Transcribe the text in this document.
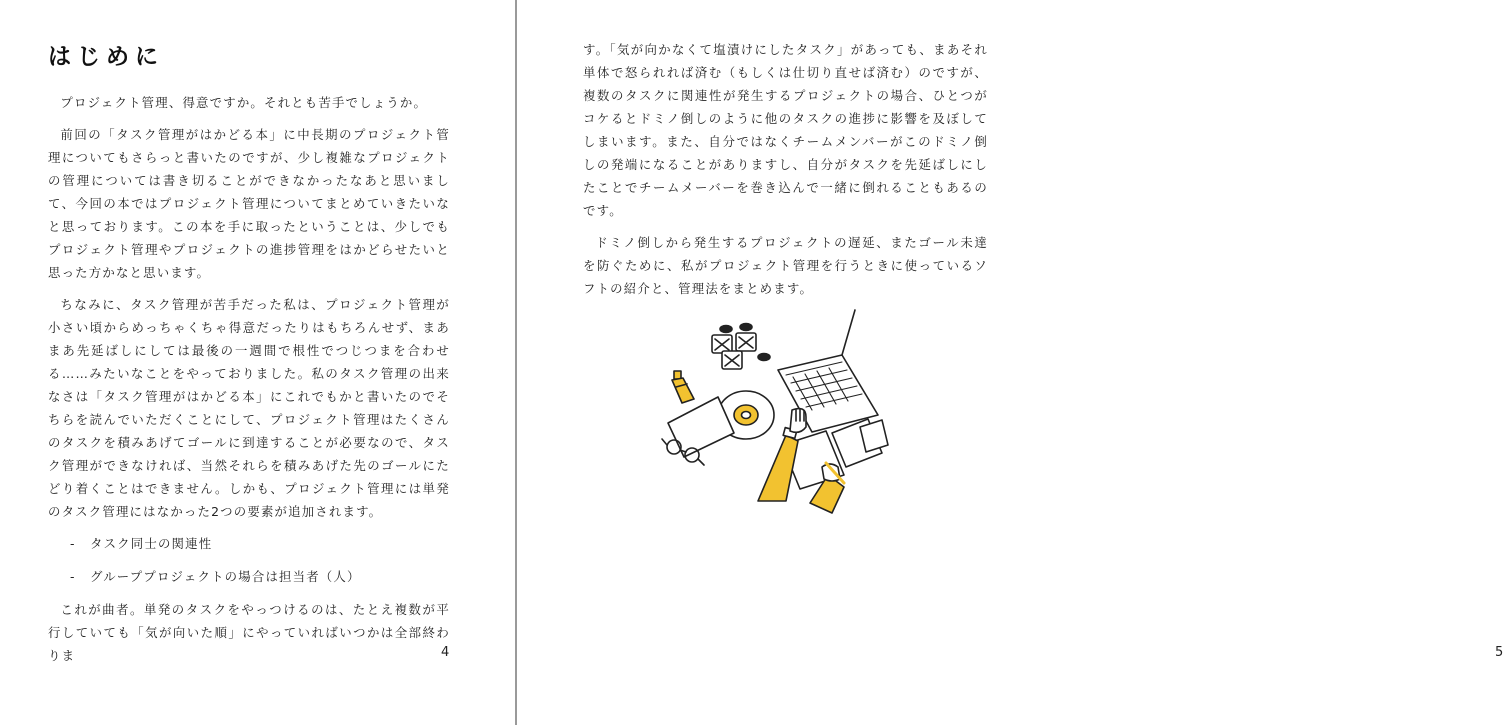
はじめに

プロジェクト管理、得意ですか。それとも苦手でしょうか。

前回の「タスク管理がはかどる本」に中長期のプロジェクト管理についてもさらっと書いたのですが、少し複雑なプロジェクトの管理については書き切ることができなかったなあと思いまして、今回の本ではプロジェクト管理についてまとめていきたいなと思っております。この本を手に取ったということは、少しでもプロジェクト管理やプロジェクトの進捗管理をはかどらせたいと思った方かなと思います。

ちなみに、タスク管理が苦手だった私は、プロジェクト管理が小さい頃からめっちゃくちゃ得意だったりはもちろんせず、まあまあ先延ばしにしては最後の一週間で根性でつじつまを合わせる……みたいなことをやっておりました。私のタスク管理の出来なさは「タスク管理がはかどる本」にこれでもかと書いたのでそちらを読んでいただくことにして、プロジェクト管理はたくさんのタスクを積みあげてゴールに到達することが必要なので、タスク管理ができなければ、当然それらを積みあげた先のゴールにたどり着くことはできません。しかも、プロジェクト管理には単発のタスク管理にはなかった2つの要素が追加されます。

- タスク同士の関連性
- グループプロジェクトの場合は担当者（人）

これが曲者。単発のタスクをやっつけるのは、たとえ複数が平行していても「気が向いた順」にやっていればいつかは全部終わりま	4	5

す。「気が向かなくて塩漬けにしたタスク」があっても、まあそれ単体で怒られれば済む（もしくは仕切り直せば済む）のですが、複数のタスクに関連性が発生するプロジェクトの場合、ひとつがコケるとドミノ倒しのように他のタスクの進捗に影響を及ぼしてしまいます。また、自分ではなくチームメンバーがこのドミノ倒しの発端になることがありますし、自分がタスクを先延ばしにしたことでチームメーバーを巻き込んで一緒に倒れることもあるのです。

ドミノ倒しから発生するプロジェクトの遅延、またゴール未達を防ぐために、私がプロジェクト管理を行うときに使っているソフトの紹介と、管理法をまとめます。
